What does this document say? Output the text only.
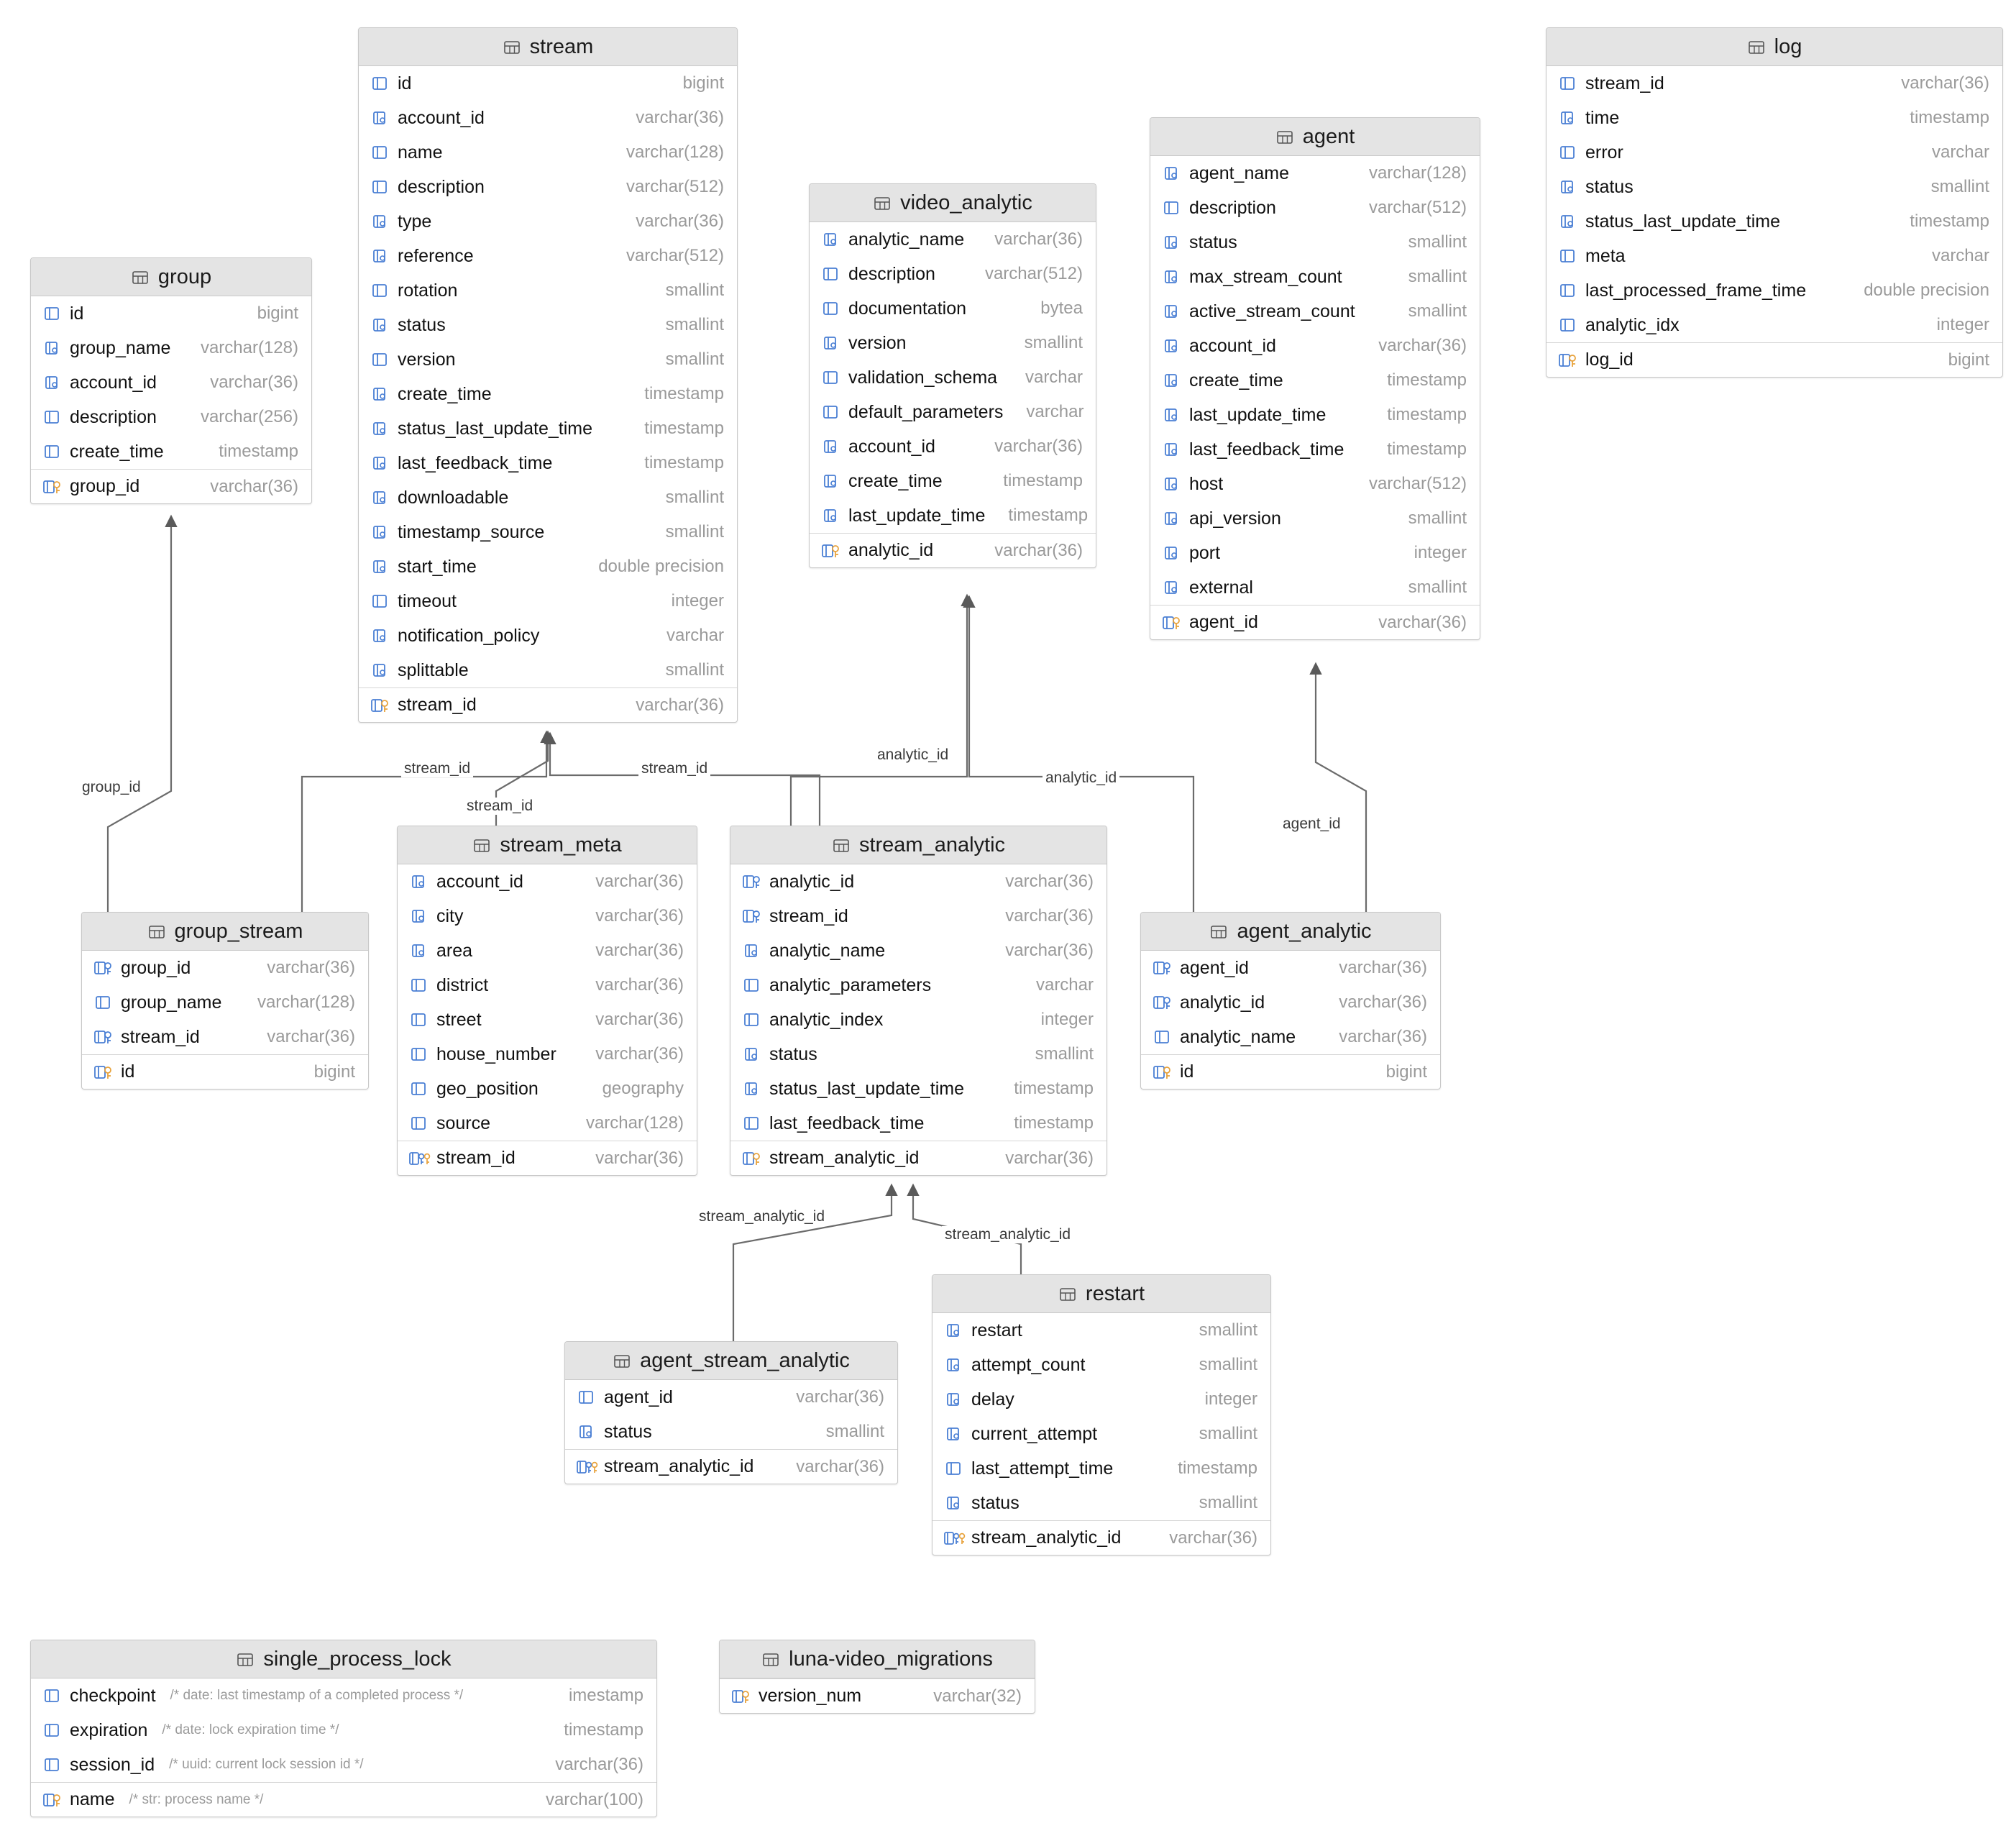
group
id	bigint
group_name	varchar(128)
account_id	varchar(36)
description	varchar(256)
create_time	timestamp
group_id	varchar(36)
stream
id	bigint
account_id	varchar(36)
name	varchar(128)
description	varchar(512)
type	varchar(36)
reference	varchar(512)
rotation	smallint
status	smallint
version	smallint
create_time	timestamp
status_last_update_time	timestamp
last_feedback_time	timestamp
downloadable	smallint
timestamp_source	smallint
start_time	double precision
timeout	integer
notification_policy	varchar
splittable	smallint
stream_id	varchar(36)
video_analytic
analytic_name	varchar(36)
description	varchar(512)
documentation	bytea
version	smallint
validation_schema	varchar
default_parameters	varchar
account_id	varchar(36)
create_time	timestamp
last_update_time	timestamp
analytic_id	varchar(36)
agent
agent_name	varchar(128)
description	varchar(512)
status	smallint
max_stream_count	smallint
active_stream_count	smallint
account_id	varchar(36)
create_time	timestamp
last_update_time	timestamp
last_feedback_time	timestamp
host	varchar(512)
api_version	smallint
port	integer
external	smallint
agent_id	varchar(36)
log
stream_id	varchar(36)
time	timestamp
error	varchar
status	smallint
status_last_update_time	timestamp
meta	varchar
last_processed_frame_time	double precision
analytic_idx	integer
log_id	bigint
group_stream
group_id	varchar(36)
group_name	varchar(128)
stream_id	varchar(36)
id	bigint
stream_meta
account_id	varchar(36)
city	varchar(36)
area	varchar(36)
district	varchar(36)
street	varchar(36)
house_number	varchar(36)
geo_position	geography
source	varchar(128)
stream_id	varchar(36)
stream_analytic
analytic_id	varchar(36)
stream_id	varchar(36)
analytic_name	varchar(36)
analytic_parameters	varchar
analytic_index	integer
status	smallint
status_last_update_time	timestamp
last_feedback_time	timestamp
stream_analytic_id	varchar(36)
agent_analytic
agent_id	varchar(36)
analytic_id	varchar(36)
analytic_name	varchar(36)
id	bigint
agent_stream_analytic
agent_id	varchar(36)
status	smallint
stream_analytic_id	varchar(36)
restart
restart	smallint
attempt_count	smallint
delay	integer
current_attempt	smallint
last_attempt_time	timestamp
status	smallint
stream_analytic_id	varchar(36)
single_process_lock
checkpoint /* date: last timestamp of a completed process */	imestamp
expiration /* date: lock expiration time */	timestamp
session_id /* uuid: current lock session id */	varchar(36)
name /* str: process name */	varchar(100)
luna-video_migrations
version_num	varchar(32)
group_id
stream_id
stream_id
stream_id
analytic_id
analytic_id
agent_id
stream_analytic_id
stream_analytic_id
